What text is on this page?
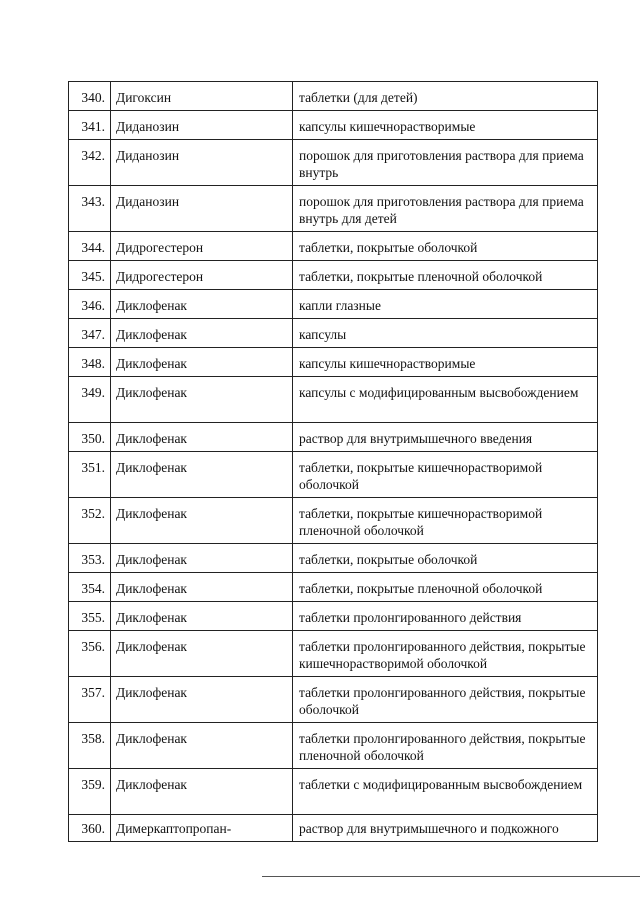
340.	Дигоксин	таблетки (для детей)
341.	Диданозин	капсулы кишечнорастворимые
342.	Диданозин	порошок для приготовления раствора для приема внутрь
343.	Диданозин	порошок для приготовления раствора для приема внутрь для детей
344.	Дидрогестерон	таблетки, покрытые оболочкой
345.	Дидрогестерон	таблетки, покрытые пленочной оболочкой
346.	Диклофенак	капли глазные
347.	Диклофенак	капсулы
348.	Диклофенак	капсулы кишечнорастворимые
349.	Диклофенак	капсулы с модифицированным высвобождением
350.	Диклофенак	раствор для внутримышечного введения
351.	Диклофенак	таблетки, покрытые кишечнорастворимой оболочкой
352.	Диклофенак	таблетки, покрытые кишечнорастворимой пленочной оболочкой
353.	Диклофенак	таблетки, покрытые оболочкой
354.	Диклофенак	таблетки, покрытые пленочной оболочкой
355.	Диклофенак	таблетки пролонгированного действия
356.	Диклофенак	таблетки пролонгированного действия, покрытые кишечнорастворимой оболочкой
357.	Диклофенак	таблетки пролонгированного действия, покрытые оболочкой
358.	Диклофенак	таблетки пролонгированного действия, покрытые пленочной оболочкой
359.	Диклофенак	таблетки с модифицированным высвобождением
360.	Димеркаптопропан-	раствор для внутримышечного и подкожного
